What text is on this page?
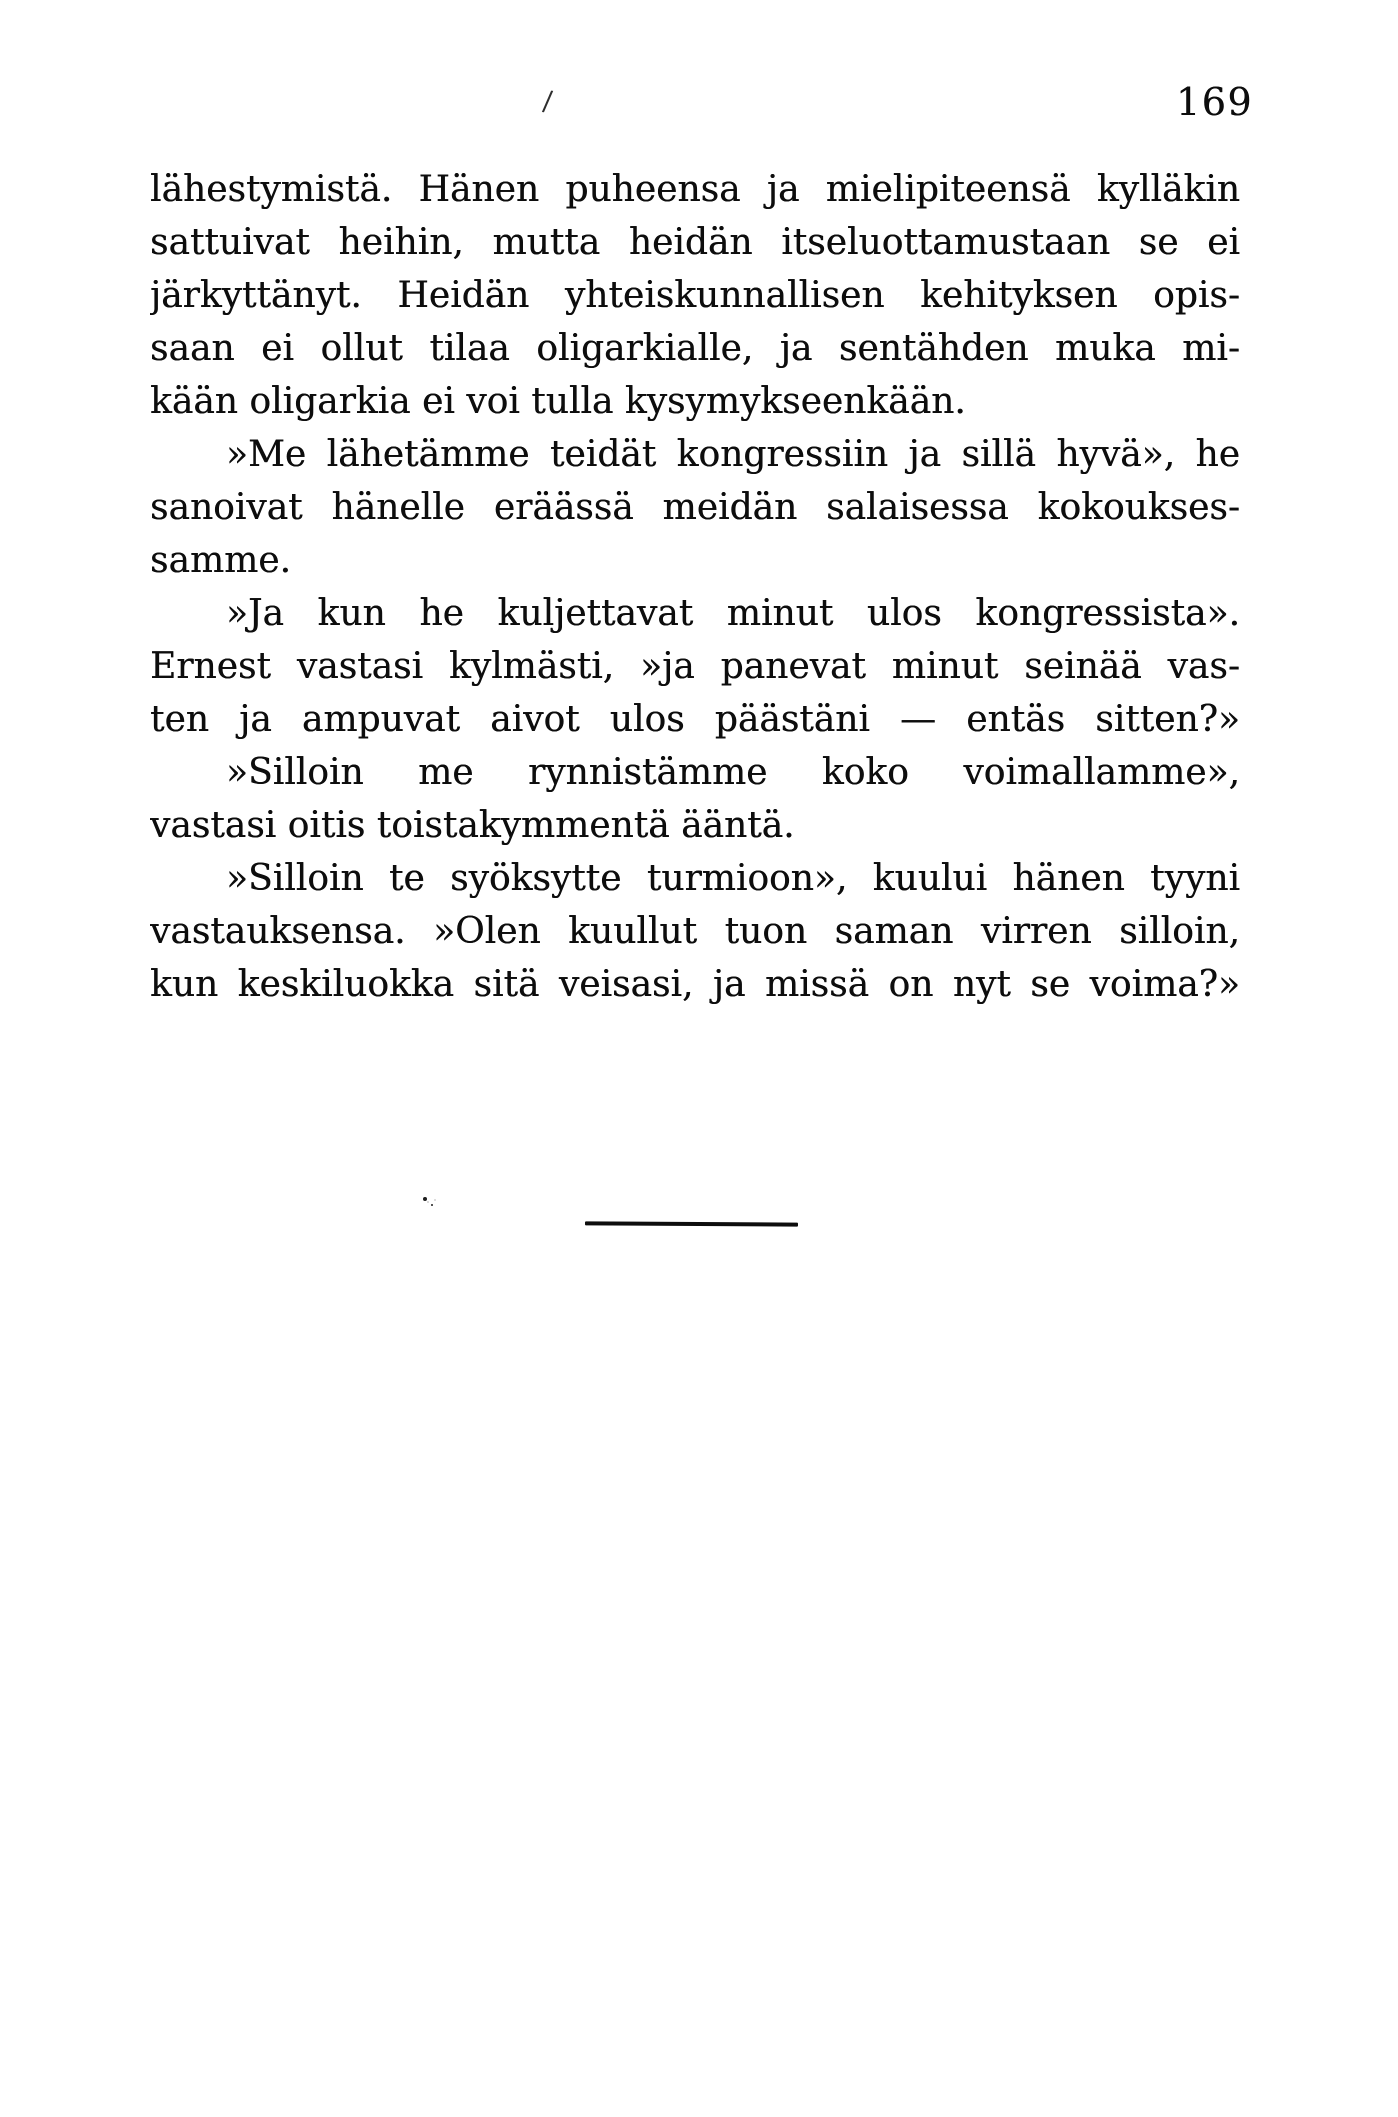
/	169
lähestymistä. Hänen puheensa ja mielipiteensä kylläkin
sattuivat heihin, mutta heidän itseluottamustaan se ei
järkyttänyt. Heidän yhteiskunnallisen kehityksen opis-
saan ei ollut tilaa oligarkialle, ja sentähden muka mi-
kään oligarkia ei voi tulla kysymykseenkään.
»Me lähetämme teidät kongressiin ja sillä hyvä», he
sanoivat hänelle eräässä meidän salaisessa kokoukses-
samme.
»Ja kun he kuljettavat minut ulos kongressista».
Ernest vastasi kylmästi, »ja panevat minut seinää vas-
ten ja ampuvat aivot ulos päästäni — entäs sitten?»
»Silloin me rynnistämme koko voimallamme»,
vastasi oitis toistakymmentä ääntä.
»Silloin te syöksytte turmioon», kuului hänen tyyni
vastauksensa. »Olen kuullut tuon saman virren silloin,
kun keskiluokka sitä veisasi, ja missä on nyt se voima?»
